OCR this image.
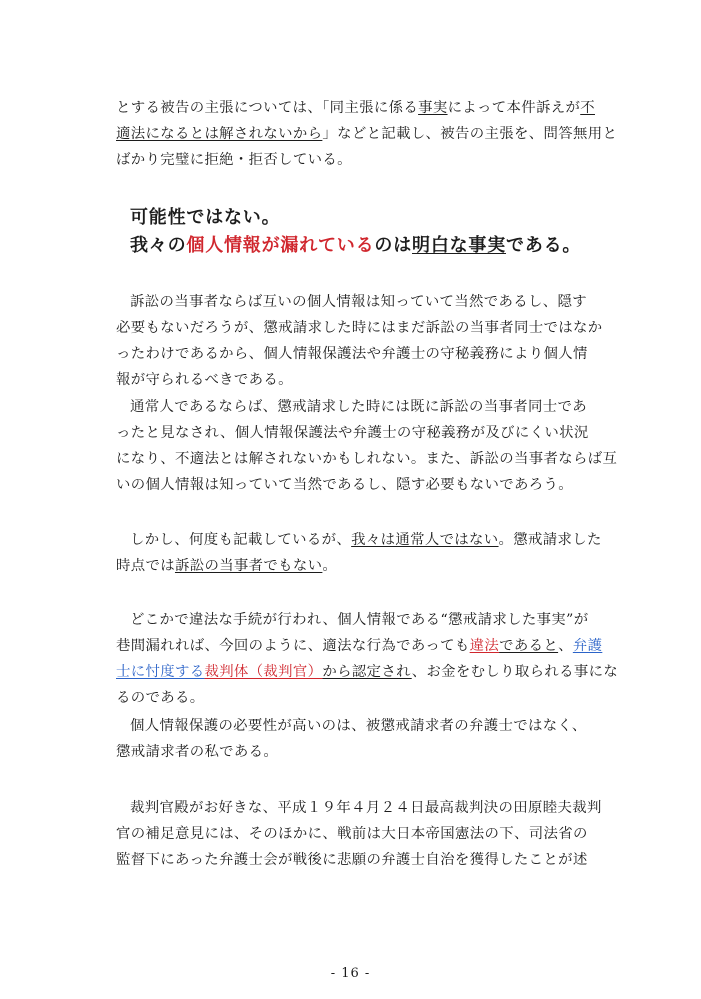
とする被告の主張については、「同主張に係る事実によって本件訴えが不
適法になるとは解されないから」などと記載し、被告の主張を、問答無用と
ばかり完璧に拒絶・拒否している。
可能性ではない。
我々の個人情報が漏れているのは明白な事実である。
訴訟の当事者ならば互いの個人情報は知っていて当然であるし、隠す
必要もないだろうが、懲戒請求した時にはまだ訴訟の当事者同士ではなか
ったわけであるから、個人情報保護法や弁護士の守秘義務により個人情
報が守られるべきである。
通常人であるならば、懲戒請求した時には既に訴訟の当事者同士であ
ったと見なされ、個人情報保護法や弁護士の守秘義務が及びにくい状況
になり、不適法とは解されないかもしれない。また、訴訟の当事者ならば互
いの個人情報は知っていて当然であるし、隠す必要もないであろう。
しかし、何度も記載しているが、我々は通常人ではない。懲戒請求した
時点では訴訟の当事者でもない。
どこかで違法な手続が行われ、個人情報である“懲戒請求した事実”が
巷間漏れれば、今回のように、適法な行為であっても違法であると、弁護
士に忖度する裁判体（裁判官）から認定され、お金をむしり取られる事にな
るのである。
個人情報保護の必要性が高いのは、被懲戒請求者の弁護士ではなく、
懲戒請求者の私である。
裁判官殿がお好きな、平成１９年４月２４日最高裁判決の田原睦夫裁判
官の補足意見には、そのほかに、戦前は大日本帝国憲法の下、司法省の
監督下にあった弁護士会が戦後に悲願の弁護士自治を獲得したことが述
- 16 -
